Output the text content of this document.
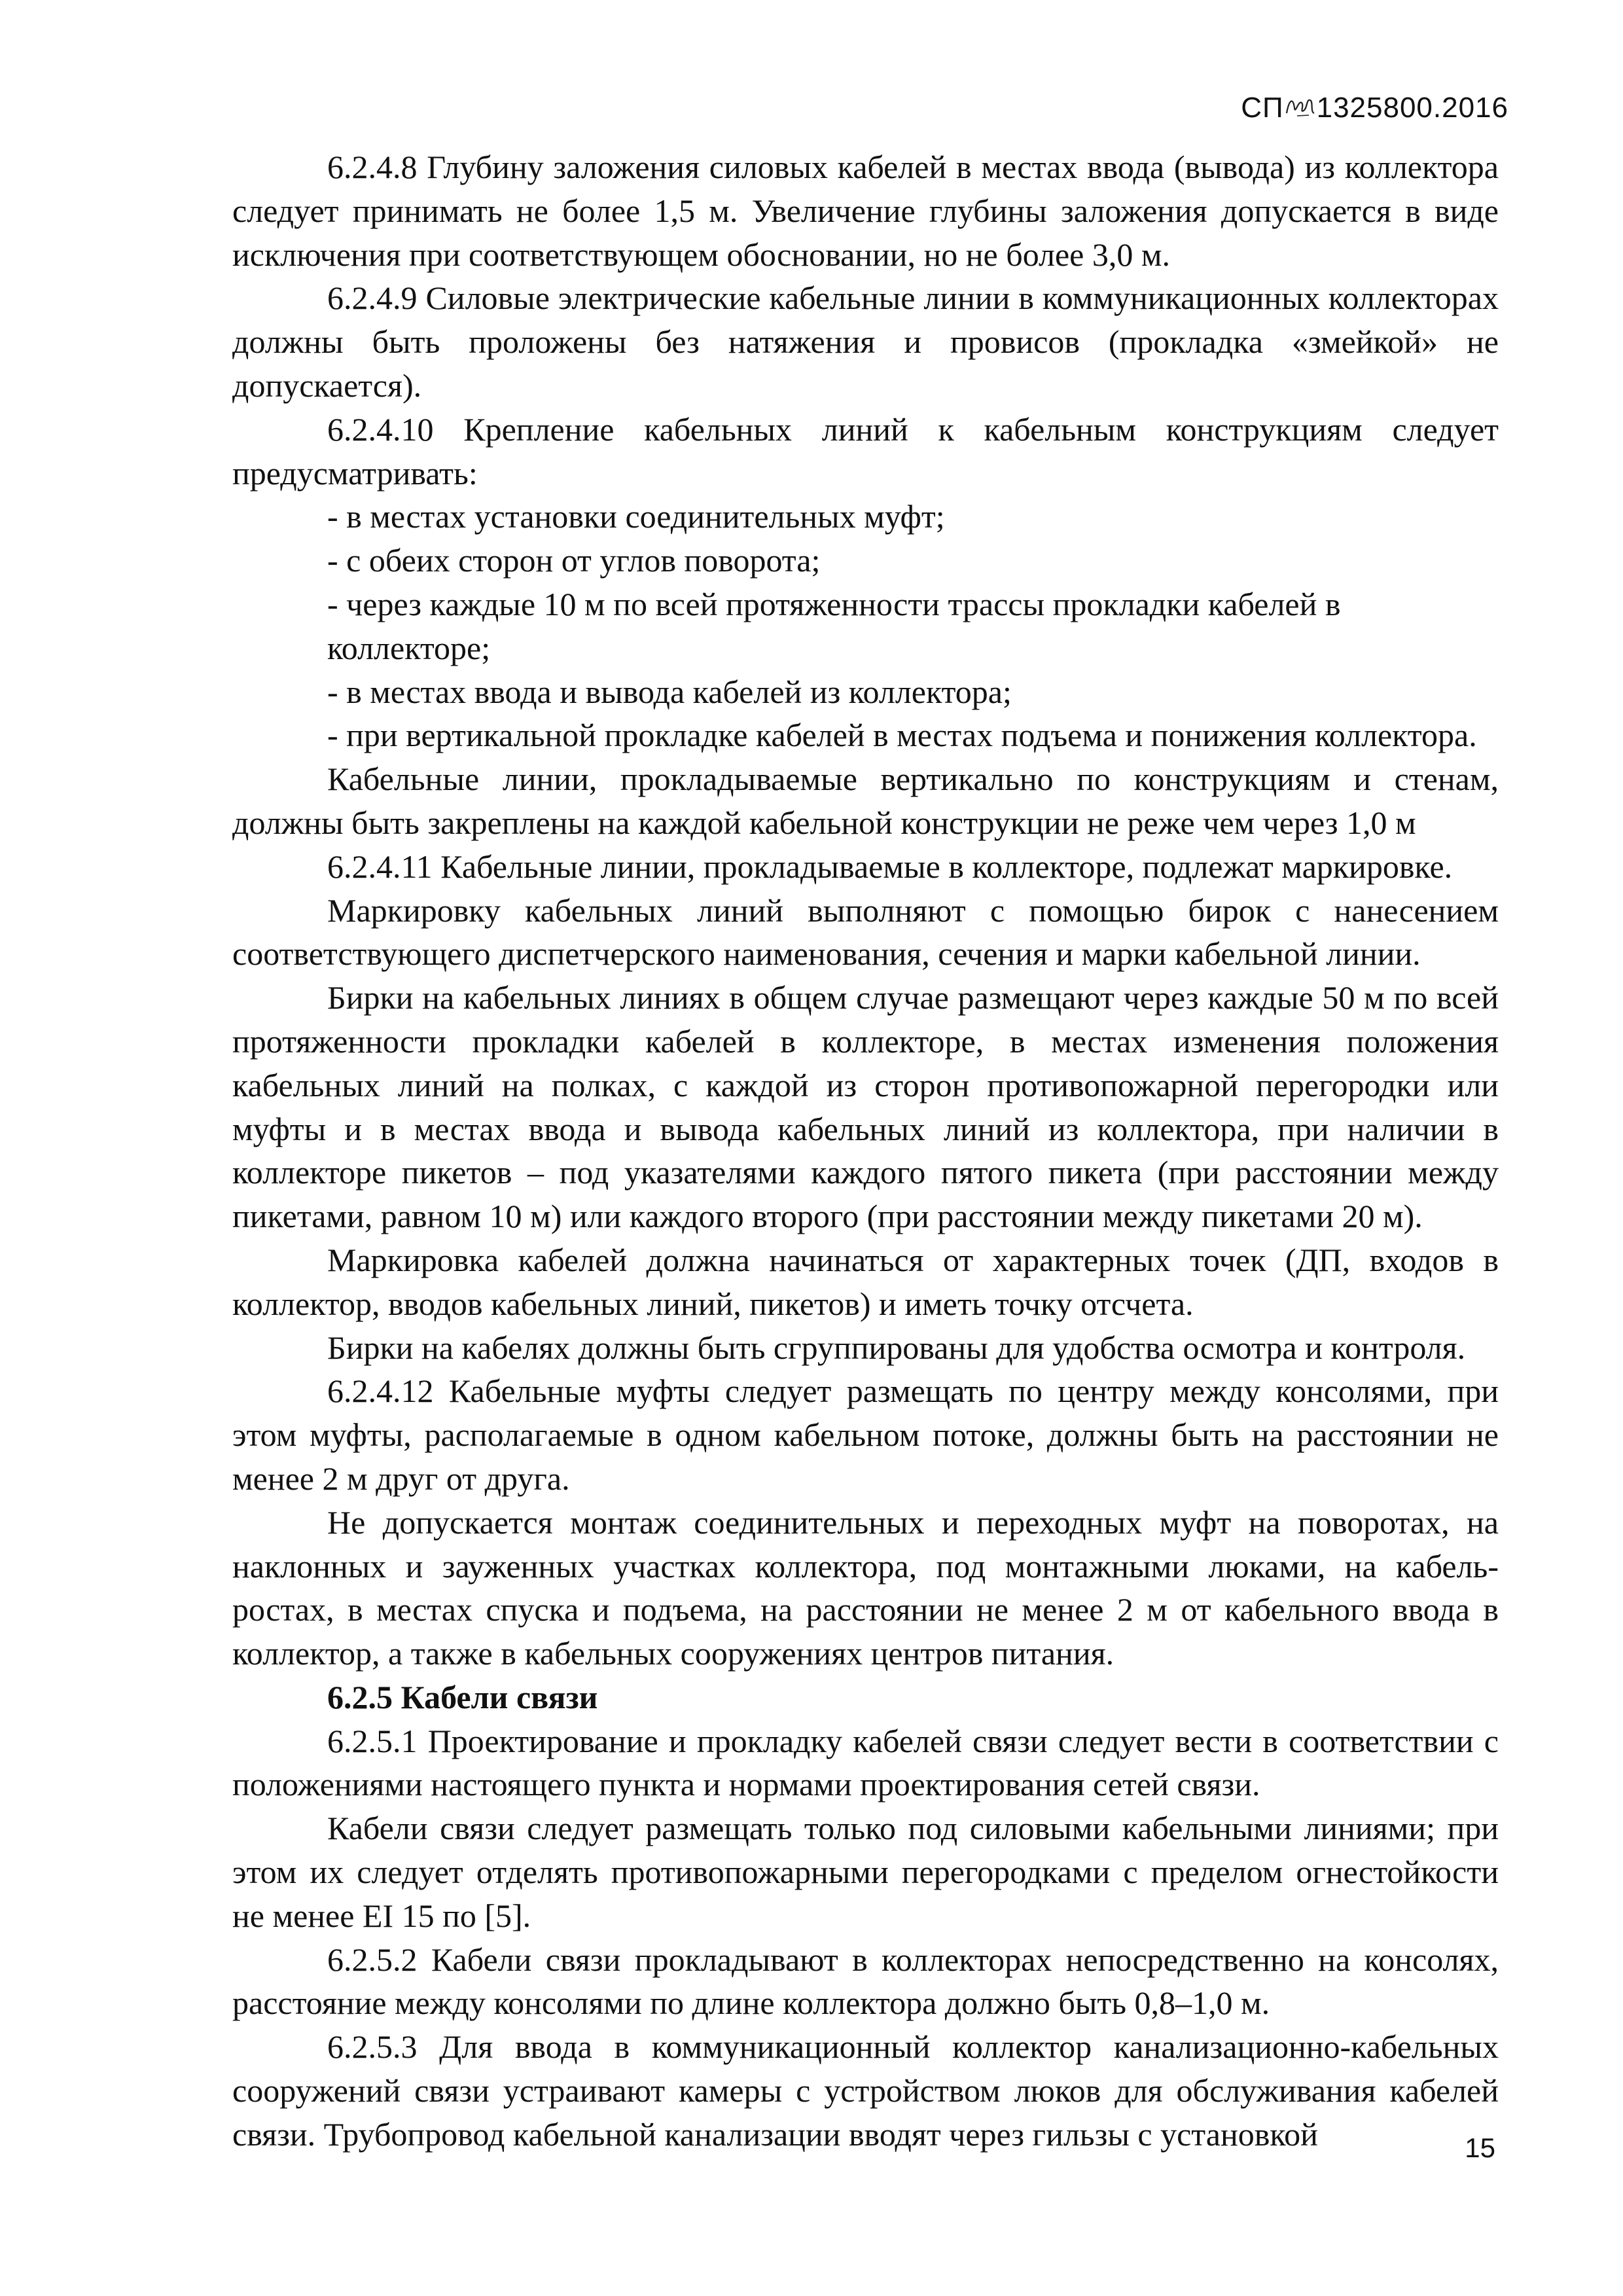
СП 1325800.2016

6.2.4.8 Глубину заложения силовых кабелей в местах ввода (вывода) из коллектора следует принимать не более 1,5 м. Увеличение глубины заложения допускается в виде исключения при соответствующем обосновании, но не более 3,0 м.

6.2.4.9 Силовые электрические кабельные линии в коммуникационных коллекторах должны быть проложены без натяжения и провисов (прокладка «змейкой» не допускается).

6.2.4.10 Крепление кабельных линий к кабельным конструкциям следует предусматривать:

- в местах установки соединительных муфт;

- с обеих сторон от углов поворота;

- через каждые 10 м по всей протяженности трассы прокладки кабелей в коллекторе;

- в местах ввода и вывода кабелей из коллектора;

- при вертикальной прокладке кабелей в местах подъема и понижения коллектора.

Кабельные линии, прокладываемые вертикально по конструкциям и стенам, должны быть закреплены на каждой кабельной конструкции не реже чем через 1,0 м

6.2.4.11 Кабельные линии, прокладываемые в коллекторе, подлежат маркировке.

Маркировку кабельных линий выполняют с помощью бирок с нанесением соответствующего диспетчерского наименования, сечения и марки кабельной линии.

Бирки на кабельных линиях в общем случае размещают через каждые 50 м по всей протяженности прокладки кабелей в коллекторе, в местах изменения положения кабельных линий на полках, с каждой из сторон противопожарной перегородки или муфты и в местах ввода и вывода кабельных линий из коллектора, при наличии в коллекторе пикетов – под указателями каждого пятого пикета (при расстоянии между пикетами, равном 10 м) или каждого второго (при расстоянии между пикетами 20 м).

Маркировка кабелей должна начинаться от характерных точек (ДП, входов в коллектор, вводов кабельных линий, пикетов) и иметь точку отсчета.

Бирки на кабелях должны быть сгруппированы для удобства осмотра и контроля.

6.2.4.12 Кабельные муфты следует размещать по центру между консолями, при этом муфты, располагаемые в одном кабельном потоке, должны быть на расстоянии не менее 2 м друг от друга.

Не допускается монтаж соединительных и переходных муфт на поворотах, на наклонных и зауженных участках коллектора, под монтажными люками, на кабель-ростах, в местах спуска и подъема, на расстоянии не менее 2 м от кабельного ввода в коллектор, а также в кабельных сооружениях центров питания.

6.2.5 Кабели связи

6.2.5.1 Проектирование и прокладку кабелей связи следует вести в соответствии с положениями настоящего пункта и нормами проектирования сетей связи.

Кабели связи следует размещать только под силовыми кабельными линиями; при этом их следует отделять противопожарными перегородками с пределом огнестойкости не менее EI 15 по [5].

6.2.5.2 Кабели связи прокладывают в коллекторах непосредственно на консолях, расстояние между консолями по длине коллектора должно быть 0,8–1,0 м.

6.2.5.3 Для ввода в коммуникационный коллектор канализационно-кабельных сооружений связи устраивают камеры с устройством люков для обслуживания кабелей связи. Трубопровод кабельной канализации вводят через гильзы с установкой	15
